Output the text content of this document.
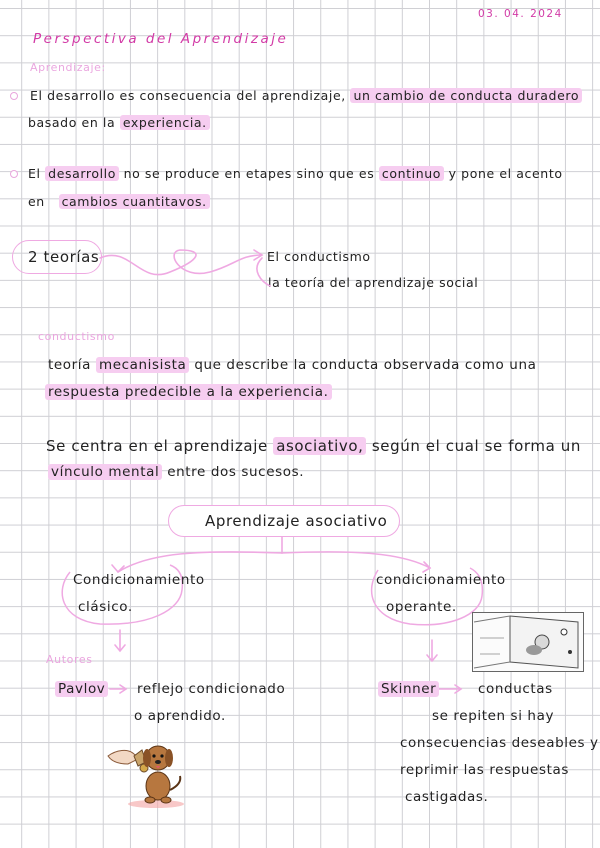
03. 04. 2024
Perspectiva del Aprendizaje
Aprendizaje:
El desarrollo es consecuencia del aprendizaje, un cambio de conducta duradero
basado en la experiencia.
El desarrollo no se produce en etapes sino que es continuo y pone el acento
en cambios cuantitavos.
2 teorías	El conductismo
la teoría del aprendizaje social
conductismo
teoría mecanisista que describe la conducta observada como una
respuesta predecible a la experiencia.
Se centra en el aprendizaje asociativo, según el cual se forma un
vínculo mental entre dos sucesos.
Aprendizaje asociativo
Condicionamiento
clásico.
condicionamiento
operante.
Autores
Pavlov reflejo condicionado
o aprendido.
Skinner	conductas
se repiten si hay
consecuencias deseables y
reprimir las respuestas
castigadas.
